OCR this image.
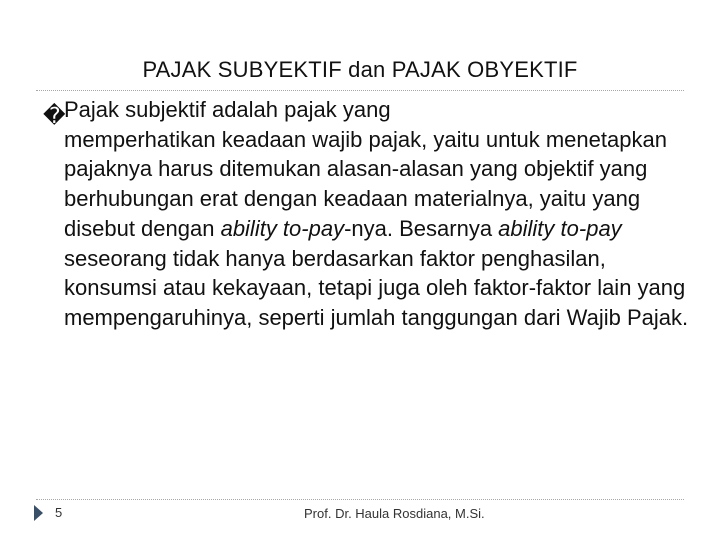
PAJAK SUBYEKTIF dan PAJAK OBYEKTIF
�
Pajak subjektif adalah pajak yang
memperhatikan keadaan wajib pajak, yaitu untuk menetapkan pajaknya harus ditemukan alasan-alasan yang objektif yang berhubungan erat dengan keadaan materialnya, yaitu yang disebut dengan ability to-pay-nya. Besarnya ability to-pay seseorang tidak hanya berdasarkan faktor penghasilan, konsumsi atau kekayaan, tetapi juga oleh faktor-faktor lain yang mempengaruhinya, seperti jumlah tanggungan dari Wajib Pajak.
5	Prof. Dr. Haula Rosdiana, M.Si.
